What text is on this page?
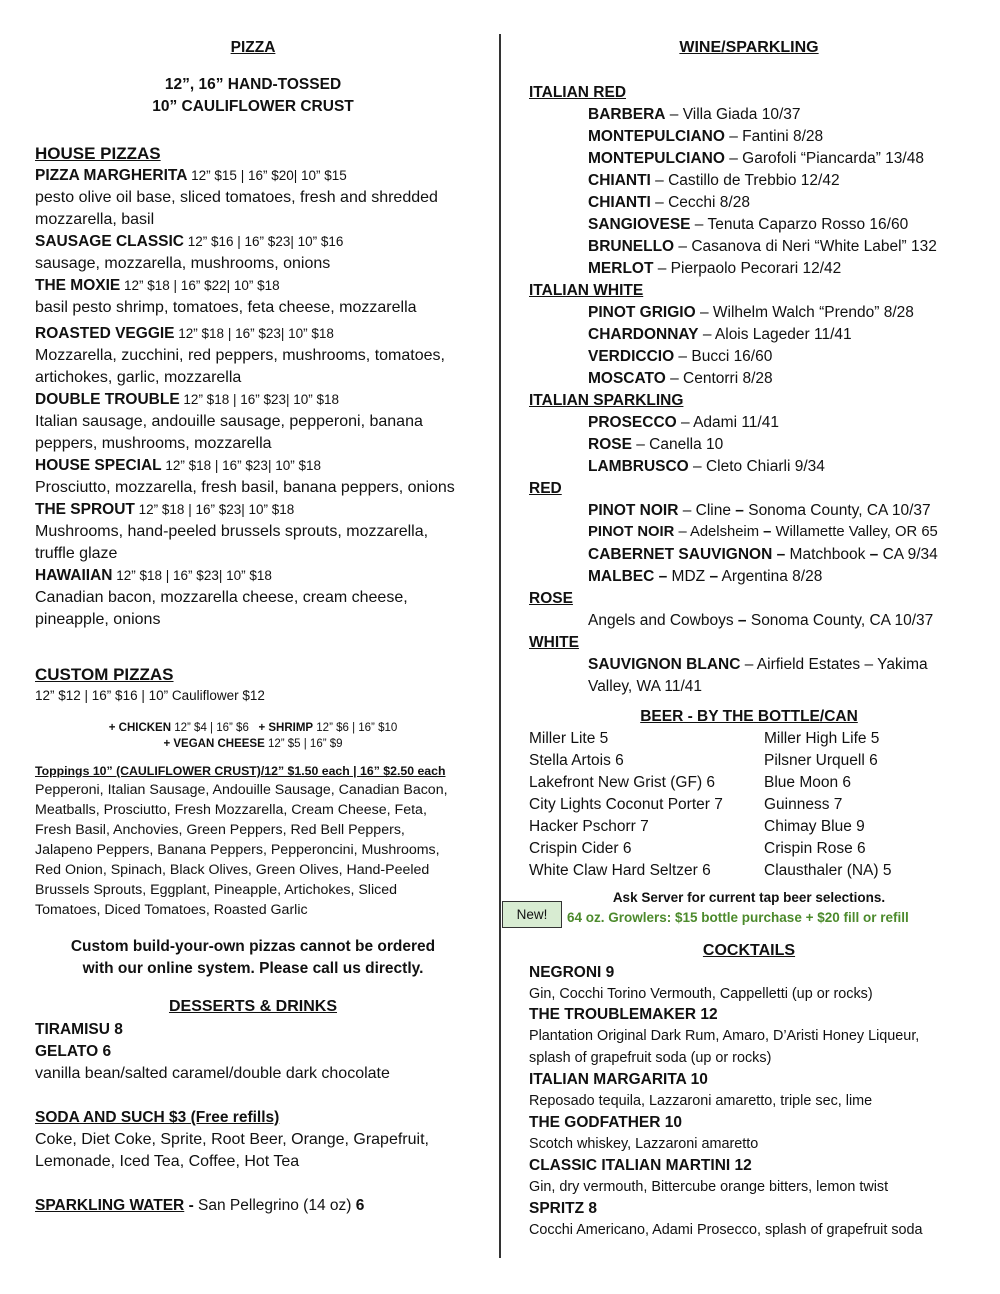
PIZZA
12”, 16” HAND-TOSSED
10” CAULIFLOWER CRUST
HOUSE PIZZAS
PIZZA MARGHERITA 12” $15 | 16” $20| 10” $15
pesto olive oil base, sliced tomatoes, fresh and shredded
mozzarella, basil
SAUSAGE CLASSIC 12” $16 | 16” $23| 10” $16
sausage, mozzarella, mushrooms, onions
THE MOXIE 12” $18 | 16” $22| 10” $18
basil pesto shrimp, tomatoes, feta cheese, mozzarella
ROASTED VEGGIE 12” $18 | 16” $23| 10” $18
Mozzarella, zucchini, red peppers, mushrooms, tomatoes,
artichokes, garlic, mozzarella
DOUBLE TROUBLE 12” $18 | 16” $23| 10” $18
Italian sausage, andouille sausage, pepperoni, banana
peppers, mushrooms, mozzarella
HOUSE SPECIAL 12” $18 | 16” $23| 10” $18
Prosciutto, mozzarella, fresh basil, banana peppers, onions
THE SPROUT 12” $18 | 16” $23| 10” $18
Mushrooms, hand-peeled brussels sprouts, mozzarella,
truffle glaze
HAWAIIAN 12” $18 | 16” $23| 10” $18
Canadian bacon, mozzarella cheese, cream cheese,
pineapple, onions
CUSTOM PIZZAS
12” $12 | 16” $16 | 10” Cauliflower $12
+ CHICKEN 12” $4 | 16” $6 + SHRIMP 12” $6 | 16” $10
+ VEGAN CHEESE 12” $5 | 16” $9
Toppings 10” (CAULIFLOWER CRUST)/12” $1.50 each | 16” $2.50 each
Pepperoni, Italian Sausage, Andouille Sausage, Canadian Bacon,
Meatballs, Prosciutto, Fresh Mozzarella, Cream Cheese, Feta,
Fresh Basil, Anchovies, Green Peppers, Red Bell Peppers,
Jalapeno Peppers, Banana Peppers, Pepperoncini, Mushrooms,
Red Onion, Spinach, Black Olives, Green Olives, Hand-Peeled
Brussels Sprouts, Eggplant, Pineapple, Artichokes, Sliced
Tomatoes, Diced Tomatoes, Roasted Garlic
Custom build-your-own pizzas cannot be ordered
with our online system. Please call us directly.
DESSERTS & DRINKS
TIRAMISU 8
GELATO 6
vanilla bean/salted caramel/double dark chocolate
SODA AND SUCH $3 (Free refills)
Coke, Diet Coke, Sprite, Root Beer, Orange, Grapefruit,
Lemonade, Iced Tea, Coffee, Hot Tea
SPARKLING WATER - San Pellegrino (14 oz) 6
WINE/SPARKLING
ITALIAN RED
BARBERA – Villa Giada 10/37
MONTEPULCIANO – Fantini 8/28
MONTEPULCIANO – Garofoli “Piancarda” 13/48
CHIANTI – Castillo de Trebbio 12/42
CHIANTI – Cecchi 8/28
SANGIOVESE – Tenuta Caparzo Rosso 16/60
BRUNELLO – Casanova di Neri “White Label” 132
MERLOT – Pierpaolo Pecorari 12/42
ITALIAN WHITE
PINOT GRIGIO – Wilhelm Walch “Prendo” 8/28
CHARDONNAY – Alois Lageder 11/41
VERDICCIO – Bucci 16/60
MOSCATO – Centorri 8/28
ITALIAN SPARKLING
PROSECCO – Adami 11/41
ROSE – Canella 10
LAMBRUSCO – Cleto Chiarli 9/34
RED
PINOT NOIR – Cline – Sonoma County, CA 10/37
PINOT NOIR – Adelsheim – Willamette Valley, OR 65
CABERNET SAUVIGNON – Matchbook – CA 9/34
MALBEC – MDZ – Argentina 8/28
ROSE
Angels and Cowboys – Sonoma County, CA 10/37
WHITE
SAUVIGNON BLANC – Airfield Estates – Yakima
Valley, WA 11/41
BEER - BY THE BOTTLE/CAN
Miller Lite 5
Stella Artois 6
Lakefront New Grist (GF) 6
City Lights Coconut Porter 7
Hacker Pschorr 7
Crispin Cider 6
White Claw Hard Seltzer 6
Miller High Life 5
Pilsner Urquell 6
Blue Moon 6
Guinness 7
Chimay Blue 9
Crispin Rose 6
Clausthaler (NA) 5
Ask Server for current tap beer selections.
64 oz. Growlers: $15 bottle purchase + $20 fill or refill
COCKTAILS
NEGRONI 9
Gin, Cocchi Torino Vermouth, Cappelletti (up or rocks)
THE TROUBLEMAKER 12
Plantation Original Dark Rum, Amaro, D’Aristi Honey Liqueur,
splash of grapefruit soda (up or rocks)
ITALIAN MARGARITA 10
Reposado tequila, Lazzaroni amaretto, triple sec, lime
THE GODFATHER 10
Scotch whiskey, Lazzaroni amaretto
CLASSIC ITALIAN MARTINI 12
Gin, dry vermouth, Bittercube orange bitters, lemon twist
SPRITZ 8
Cocchi Americano, Adami Prosecco, splash of grapefruit soda
New!
